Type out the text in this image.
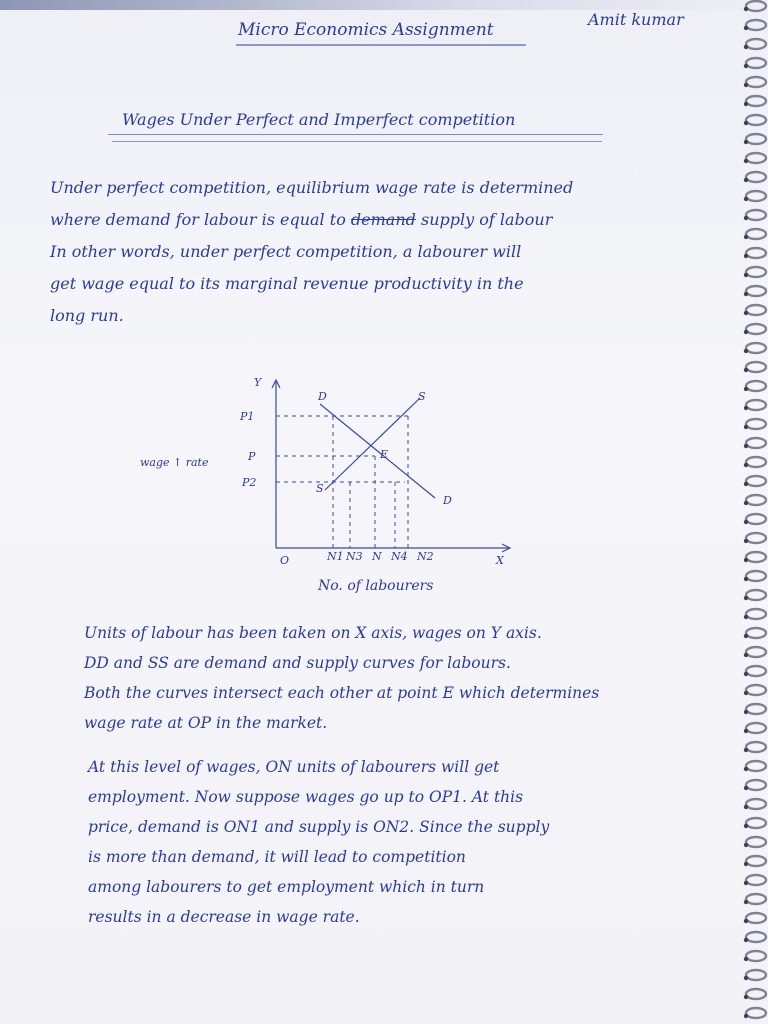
Micro Economics Assignment
Amit kumar
Wages Under Perfect and Imperfect competition
Under perfect competition, equilibrium wage rate is determined
where demand for labour is equal to demand supply of labour
In other words, under perfect competition, a labourer will
get wage equal to its marginal revenue productivity in the
long run.
Y
X
O
P1
P
P2
N1 N3 N N4 N2
D	S
E
S
D
wage ↑ rate
No. of labourers
Units of labour has been taken on X axis, wages on Y axis.
DD and SS are demand and supply curves for labours.
Both the curves intersect each other at point E which determines
wage rate at OP in the market.
At this level of wages, ON units of labourers will get
employment. Now suppose wages go up to OP1. At this
price, demand is ON1 and supply is ON2. Since the supply
is more than demand, it will lead to competition
among labourers to get employment which in turn
results in a decrease in wage rate.
